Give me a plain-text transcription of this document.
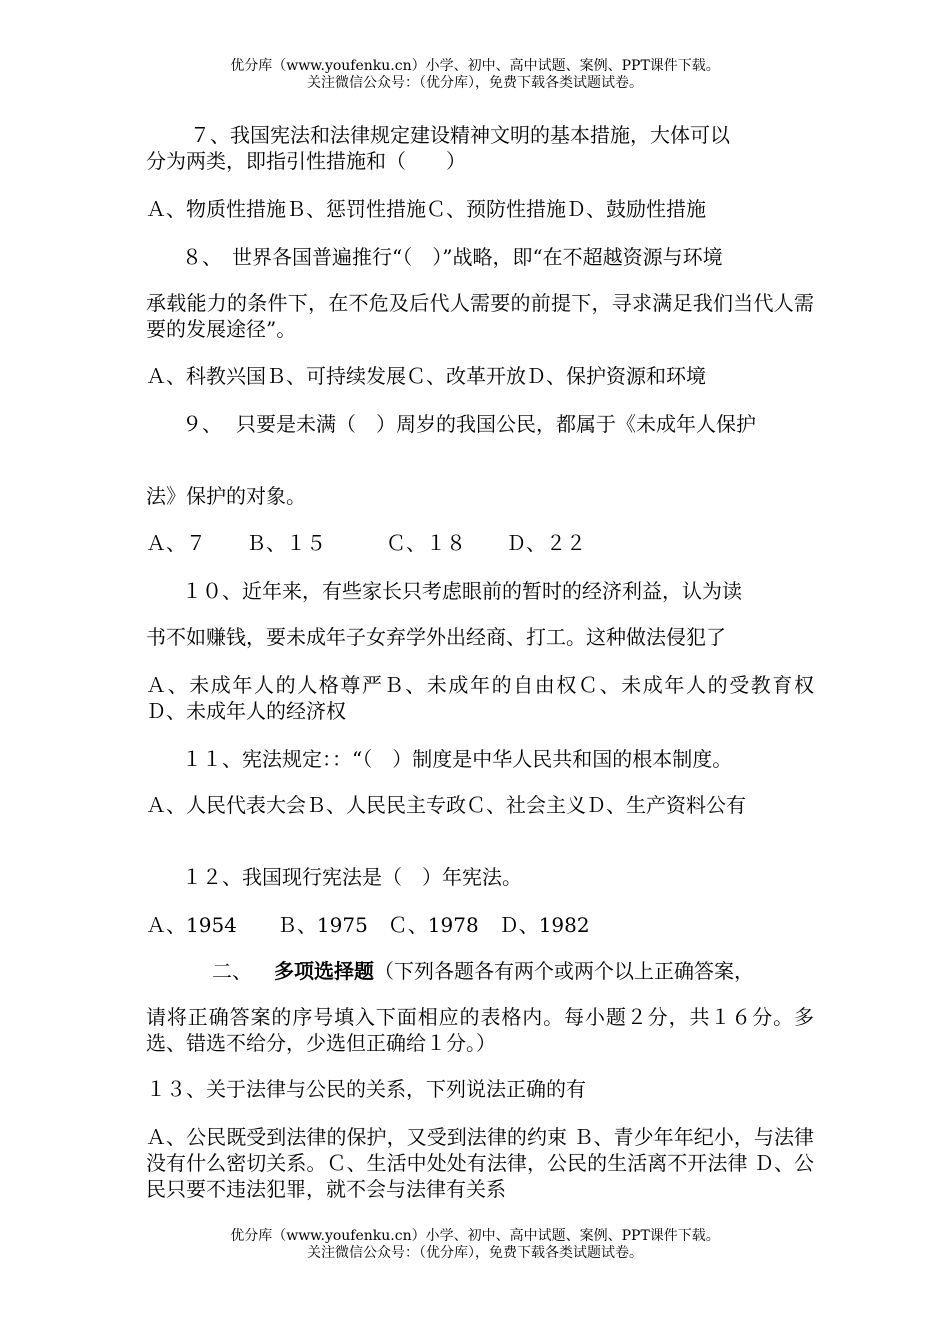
优分库（www.youfenku.cn）小学、初中、高中试题、案例、PPT课件下载。
关注微信公众号：（优分库），免费下载各类试题试卷。
７、我国宪法和法律规定建设精神文明的基本措施，大体可以
分为两类，即指引性措施和（　　）
Ａ、物质性措施Ｂ、惩罚性措施Ｃ、预防性措施Ｄ、鼓励性措施
８、　世界各国普遍推行“（　）”战略，即“在不超越资源与环境
承载能力的条件下，在不危及后代人需要的前提下，寻求满足我们当代人需要的发展途径”。
Ａ、科教兴国Ｂ、可持续发展Ｃ、改革开放Ｄ、保护资源和环境
９、 只要是未满（　）周岁的我国公民，都属于《未成年人保护
法》保护的对象。
Ａ、７　　Ｂ、１５　　　Ｃ、１８　　Ｄ、２２
１０、近年来，有些家长只考虑眼前的暂时的经济利益，认为读
书不如赚钱，要未成年子女弃学外出经商、打工。这种做法侵犯了
Ａ、未成年人的人格尊严Ｂ、未成年的自由权Ｃ、未成年人的受教育权　Ｄ、未成年人的经济权
１１、宪法规定：：“（　）制度是中华人民共和国的根本制度。
Ａ、人民代表大会Ｂ、人民民主专政Ｃ、社会主义Ｄ、生产资料公有
１２、我国现行宪法是（　）年宪法。
Ａ、1954　　Ｂ、1975　Ｃ、1978　Ｄ、1982
二、 多项选择题（下列各题各有两个或两个以上正确答案，
请将正确答案的序号填入下面相应的表格内。每小题２分，共１６分。多选、错选不给分，少选但正确给１分。）
１３、关于法律与公民的关系，下列说法正确的有
Ａ、公民既受到法律的保护，又受到法律的约束 Ｂ、青少年年纪小，与法律没有什么密切关系。Ｃ、生活中处处有法律，公民的生活离不开法律 Ｄ、公民只要不违法犯罪，就不会与法律有关系
优分库（www.youfenku.cn）小学、初中、高中试题、案例、PPT课件下载。
关注微信公众号：（优分库），免费下载各类试题试卷。
